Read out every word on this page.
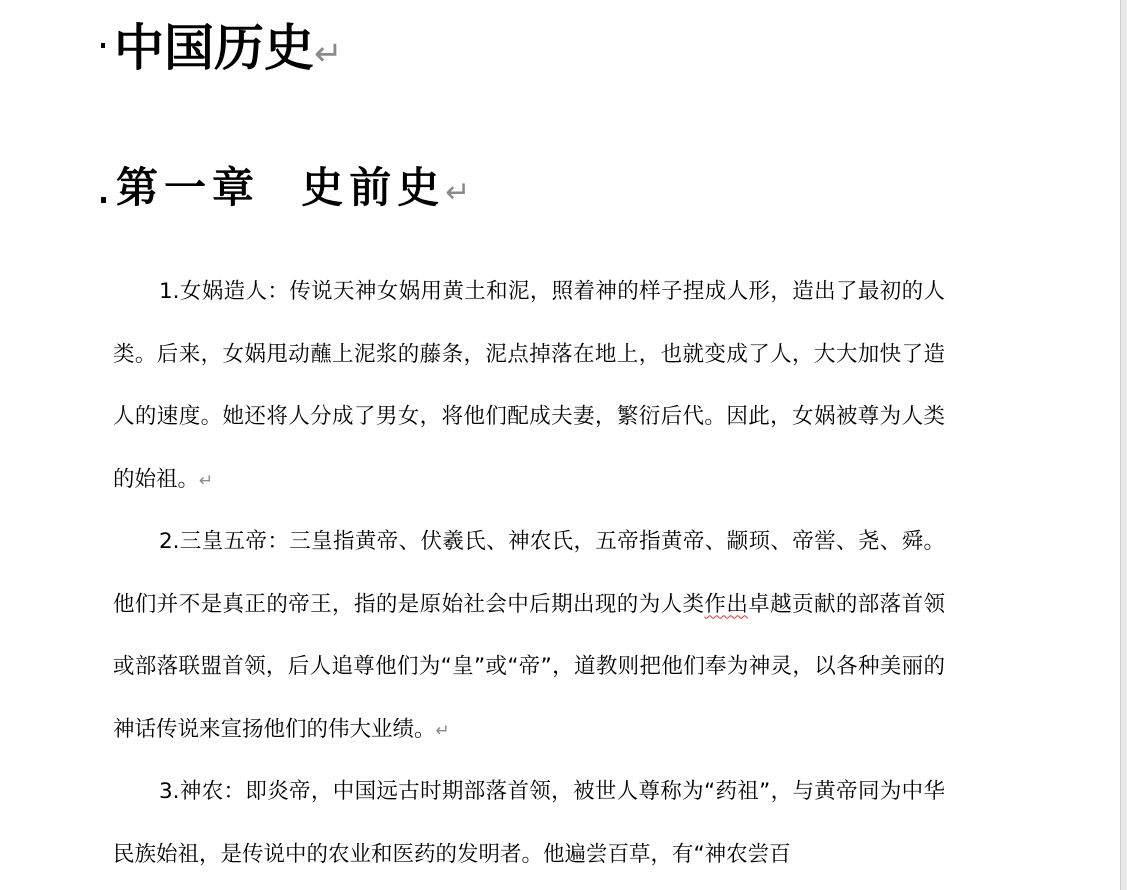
中国历史↵
第一章  史前史↵

1.女娲造人：传说天神女娲用黄土和泥，照着神的样子捏成人形，造出了最初的人类。后来，女娲甩动蘸上泥浆的藤条，泥点掉落在地上，也就变成了人，大大加快了造人的速度。她还将人分成了男女，将他们配成夫妻，繁衍后代。因此，女娲被尊为人类的始祖。↵

2.三皇五帝：三皇指黄帝、伏羲氏、神农氏，五帝指黄帝、颛顼、帝喾、尧、舜。他们并不是真正的帝王，指的是原始社会中后期出现的为人类作出卓越贡献的部落首领或部落联盟首领，后人追尊他们为“皇”或“帝”，道教则把他们奉为神灵，以各种美丽的神话传说来宣扬他们的伟大业绩。↵

3.神农：即炎帝，中国远古时期部落首领，被世人尊称为“药祖”，与黄帝同为中华民族始祖，是传说中的农业和医药的发明者。他遍尝百草，有“神农尝百
